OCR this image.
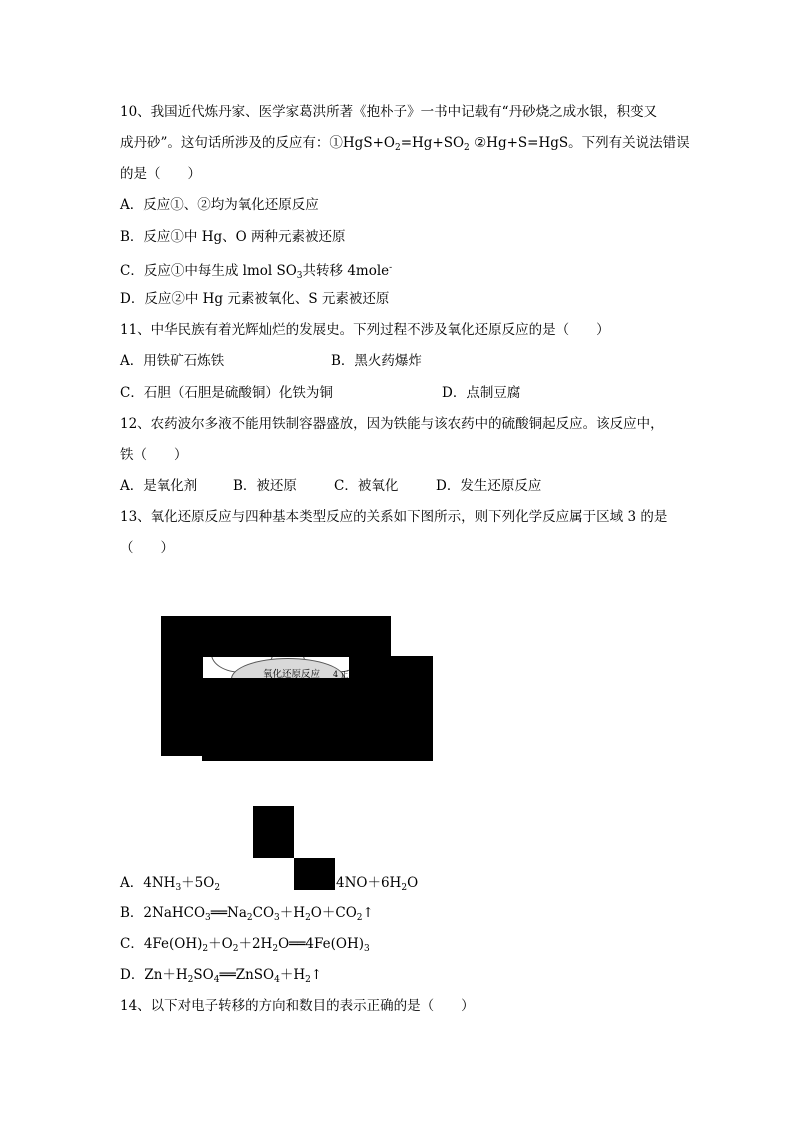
10、我国近代炼丹家、医学家葛洪所著《抱朴子》一书中记载有“丹砂烧之成水银，积变又
成丹砂”。这句话所涉及的反应有：$①HgS+O_2=Hg+SO_2$ ②Hg+S=HgS。下列有关说法错误
的是（　　）
A．反应①、②均为氧化还原反应
B．反应①中 Hg、O 两种元素被还原
C．反应①中每生成 lmol $SO_3$共转移 4mole-
D．反应②中 Hg 元素被氧化、S 元素被还原
11、中华民族有着光辉灿烂的发展史。下列过程不涉及氧化还原反应的是（　　）
A．用铁矿石炼铁	B．黑火药爆炸
C．石胆（石胆是硫酸铜）化铁为铜	D．点制豆腐
12、农药波尔多液不能用铁制容器盛放，因为铁能与该农药中的硫酸铜起反应。该反应中，
铁（　　）
A．是氧化剂	B．被还原	C．被氧化	D．发生还原反应
13、氧化还原反应与四种基本类型反应的关系如下图所示，则下列化学反应属于区域 3 的是
（　　）
氧化还原反应 4 正
A．$4NH_3+5O_2$	$4NO+6H_2O$
B．$2NaHCO_3══Na_2CO_3+H_2O+CO_2↑$
C．$4Fe(OH)_2+O_2+2H_2O══4Fe(OH)_3$
D．$Zn+H_2SO_4══ZnSO_4+H_2↑$
14、以下对电子转移的方向和数目的表示正确的是（　　）
